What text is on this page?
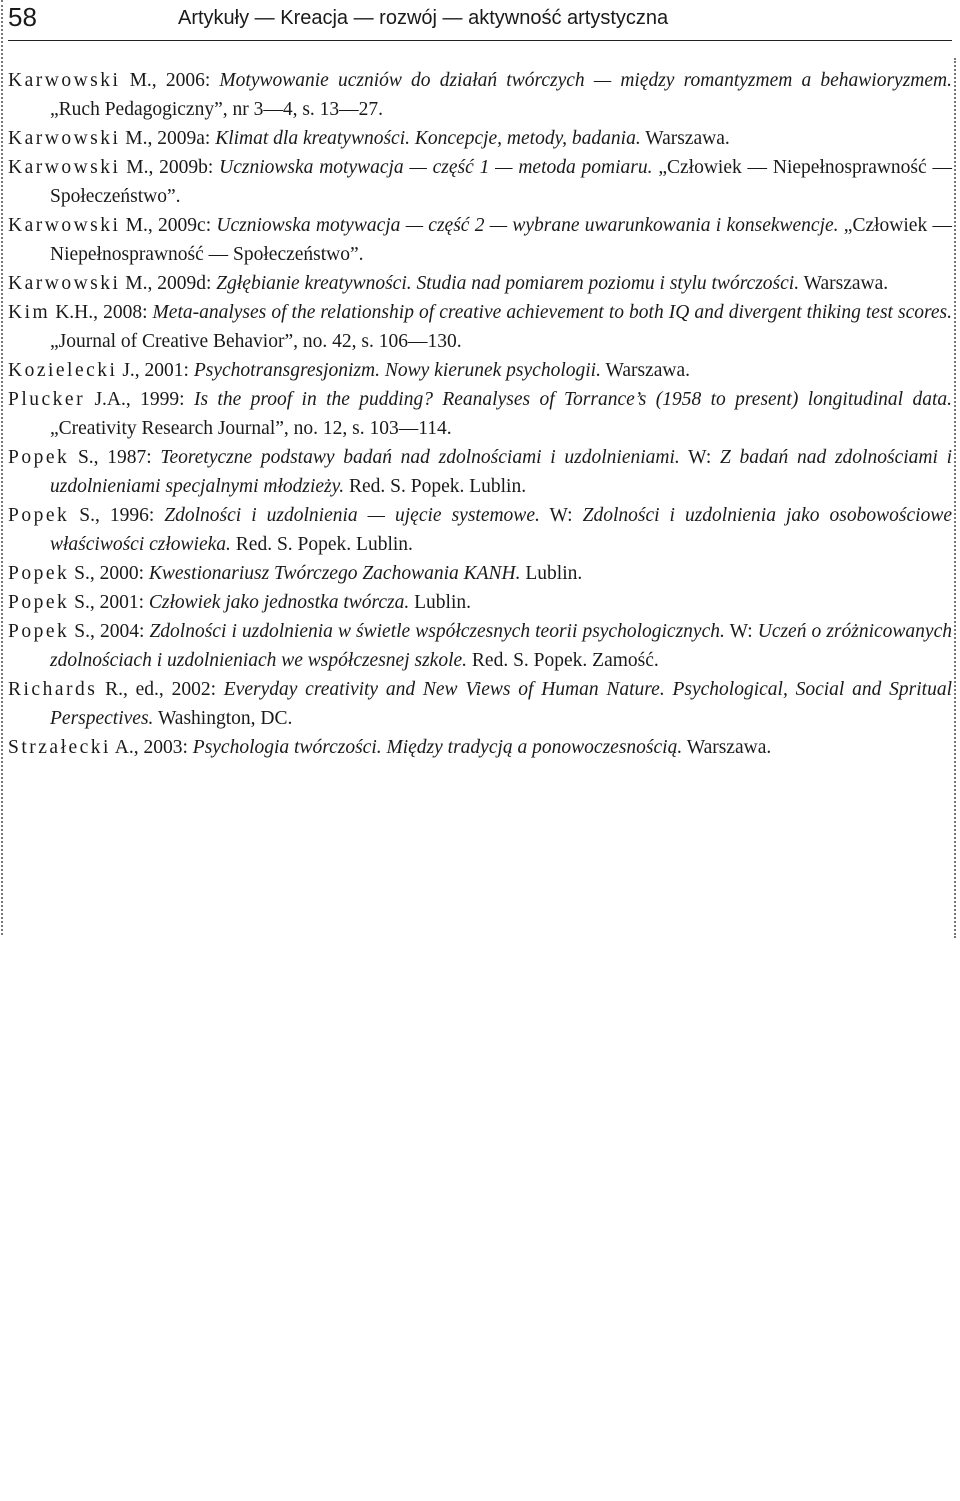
58	Artykuły — Kreacja — rozwój — aktywność artystyczna
Karwowski M., 2006: Motywowanie uczniów do działań twórczych — między romantyzmem a behawioryzmem. „Ruch Pedagogiczny”, nr 3—4, s. 13—27.
Karwowski M., 2009a: Klimat dla kreatywności. Koncepcje, metody, badania. Warszawa.
Karwowski M., 2009b: Uczniowska motywacja — część 1 — metoda pomiaru. „Człowiek — Niepełnosprawność — Społeczeństwo”.
Karwowski M., 2009c: Uczniowska motywacja — część 2 — wybrane uwarunkowania i konsekwencje. „Człowiek — Niepełnosprawność — Społeczeństwo”.
Karwowski M., 2009d: Zgłębianie kreatywności. Studia nad pomiarem poziomu i stylu twórczości. Warszawa.
Kim K.H., 2008: Meta-analyses of the relationship of creative achievement to both IQ and divergent thiking test scores. „Journal of Creative Behavior”, no. 42, s. 106—130.
Kozielecki J., 2001: Psychotransgresjonizm. Nowy kierunek psychologii. Warszawa.
Plucker J.A., 1999: Is the proof in the pudding? Reanalyses of Torrance’s (1958 to present) longitudinal data. „Creativity Research Journal”, no. 12, s. 103—114.
Popek S., 1987: Teoretyczne podstawy badań nad zdolnościami i uzdolnieniami. W: Z badań nad zdolnościami i uzdolnieniami specjalnymi młodzieży. Red. S. Popek. Lublin.
Popek S., 1996: Zdolności i uzdolnienia — ujęcie systemowe. W: Zdolności i uzdolnienia jako osobowościowe właściwości człowieka. Red. S. Popek. Lublin.
Popek S., 2000: Kwestionariusz Twórczego Zachowania KANH. Lublin.
Popek S., 2001: Człowiek jako jednostka twórcza. Lublin.
Popek S., 2004: Zdolności i uzdolnienia w świetle współczesnych teorii psychologicznych. W: Uczeń o zróżnicowanych zdolnościach i uzdolnieniach we współczesnej szkole. Red. S. Popek. Zamość.
Richards R., ed., 2002: Everyday creativity and New Views of Human Nature. Psychological, Social and Spritual Perspectives. Washington, DC.
Strzałecki A., 2003: Psychologia twórczości. Między tradycją a ponowoczesnością. Warszawa.
